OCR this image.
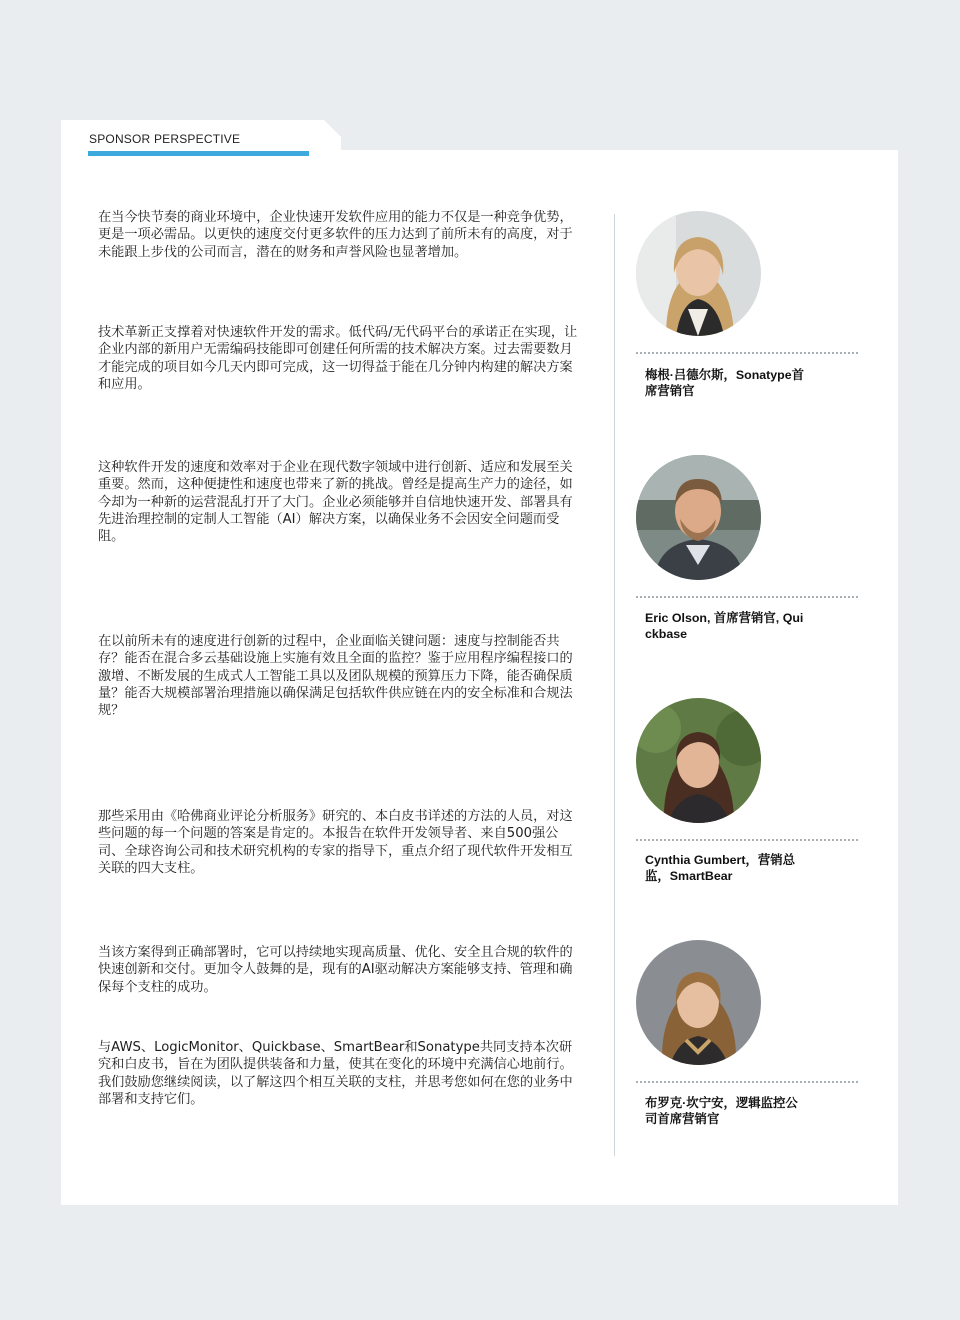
SPONSOR PERSPECTIVE

在当今快节奏的商业环境中，企业快速开发软件应用的能力不仅是一种竞争优势，更是一项必需品。以更快的速度交付更多软件的压力达到了前所未有的高度，对于未能跟上步伐的公司而言，潜在的财务和声誉风险也显著增加。

技术革新正支撑着对快速软件开发的需求。低代码/无代码平台的承诺正在实现，让企业内部的新用户无需编码技能即可创建任何所需的技术解决方案。过去需要数月才能完成的项目如今几天内即可完成，这一切得益于能在几分钟内构建的解决方案和应用。

这种软件开发的速度和效率对于企业在现代数字领域中进行创新、适应和发展至关重要。然而，这种便捷性和速度也带来了新的挑战。曾经是提高生产力的途径，如今却为一种新的运营混乱打开了大门。企业必须能够并自信地快速开发、部署具有先进治理控制的定制人工智能（AI）解决方案，以确保业务不会因安全问题而受阻。

在以前所未有的速度进行创新的过程中，企业面临关键问题：速度与控制能否共存？能否在混合多云基础设施上实施有效且全面的监控？鉴于应用程序编程接口的激增、不断发展的生成式人工智能工具以及团队规模的预算压力下降，能否确保质量？能否大规模部署治理措施以确保满足包括软件供应链在内的安全标准和合规法规？

那些采用由《哈佛商业评论分析服务》研究的、本白皮书详述的方法的人员，对这些问题的每一个问题的答案是肯定的。本报告在软件开发领导者、来自500强公司、全球咨询公司和技术研究机构的专家的指导下，重点介绍了现代软件开发相互关联的四大支柱。

当该方案得到正确部署时，它可以持续地实现高质量、优化、安全且合规的软件的快速创新和交付。更加令人鼓舞的是，现有的AI驱动解决方案能够支持、管理和确保每个支柱的成功。

与AWS、LogicMonitor、Quickbase、SmartBear和Sonatype共同支持本次研究和白皮书，旨在为团队提供装备和力量，使其在变化的环境中充满信心地前行。我们鼓励您继续阅读，以了解这四个相互关联的支柱，并思考您如何在您的业务中部署和支持它们。

梅根·吕德尔斯，Sonatype首席营销官

Eric Olson, 首席营销官, Quickbase

Cynthia Gumbert，营销总监，SmartBear

布罗克·坎宁安，逻辑监控公司首席营销官
